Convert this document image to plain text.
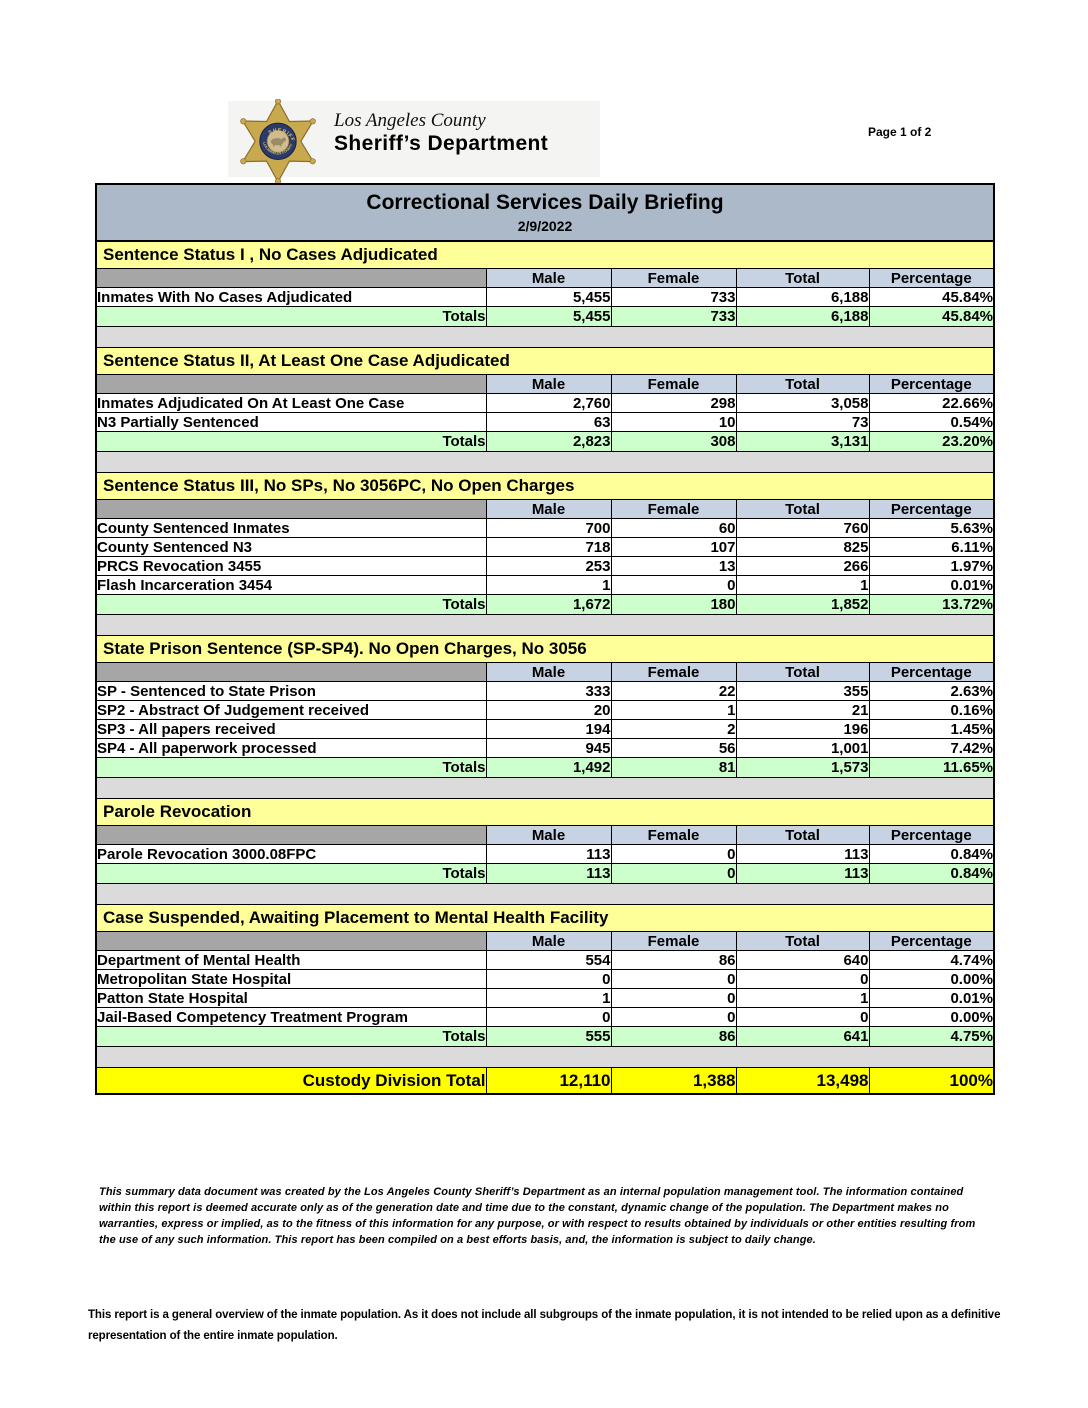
SHERIFF
LOS ANGELES COUNTY
Los Angeles County
Sheriff’s Department	Page 1 of 2
Correctional Services Daily Briefing
2/9/2022				

Sentence Status I , No Cases Adjudicated				
	Male	Female	Total	Percentage
Inmates With No Cases Adjudicated	5,455	733	6,188	45.84%
Totals	5,455	733	6,188	45.84%

Sentence Status II, At Least One Case Adjudicated				
	Male	Female	Total	Percentage
Inmates Adjudicated On At Least One Case	2,760	298	3,058	22.66%
N3 Partially Sentenced	63	10	73	0.54%
Totals	2,823	308	3,131	23.20%

Sentence Status III, No SPs, No 3056PC, No Open Charges				
	Male	Female	Total	Percentage
County Sentenced Inmates	700	60	760	5.63%
County Sentenced N3	718	107	825	6.11%
PRCS Revocation 3455	253	13	266	1.97%
Flash Incarceration 3454	1	0	1	0.01%
Totals	1,672	180	1,852	13.72%

State Prison Sentence (SP-SP4). No Open Charges, No 3056				
	Male	Female	Total	Percentage
SP - Sentenced to State Prison	333	22	355	2.63%
SP2 - Abstract Of Judgement received	20	1	21	0.16%
SP3 - All papers received	194	2	196	1.45%
SP4 - All paperwork processed	945	56	1,001	7.42%
Totals	1,492	81	1,573	11.65%

Parole Revocation				
	Male	Female	Total	Percentage
Parole Revocation 3000.08FPC	113	0	113	0.84%
Totals	113	0	113	0.84%

Case Suspended, Awaiting Placement to Mental Health Facility				
	Male	Female	Total	Percentage
Department of Mental Health	554	86	640	4.74%
Metropolitan State Hospital	0	0	0	0.00%
Patton State Hospital	1	0	1	0.01%
Jail-Based Competency Treatment Program	0	0	0	0.00%
Totals	555	86	641	4.75%

Custody Division Total	12,110	1,388	13,498	100%
This summary data document was created by the Los Angeles County Sheriff’s Department as an internal population management tool. The information contained within this report is deemed accurate only as of the generation date and time due to the constant, dynamic change of the population. The Department makes no warranties, express or implied, as to the fitness of this information for any purpose, or with respect to results obtained by individuals or other entities resulting from the use of any such information. This report has been compiled on a best efforts basis, and, the information is subject to daily change.
This report is a general overview of the inmate population. As it does not include all subgroups of the inmate population, it is not intended to be relied upon as a definitive representation of the entire inmate population.
